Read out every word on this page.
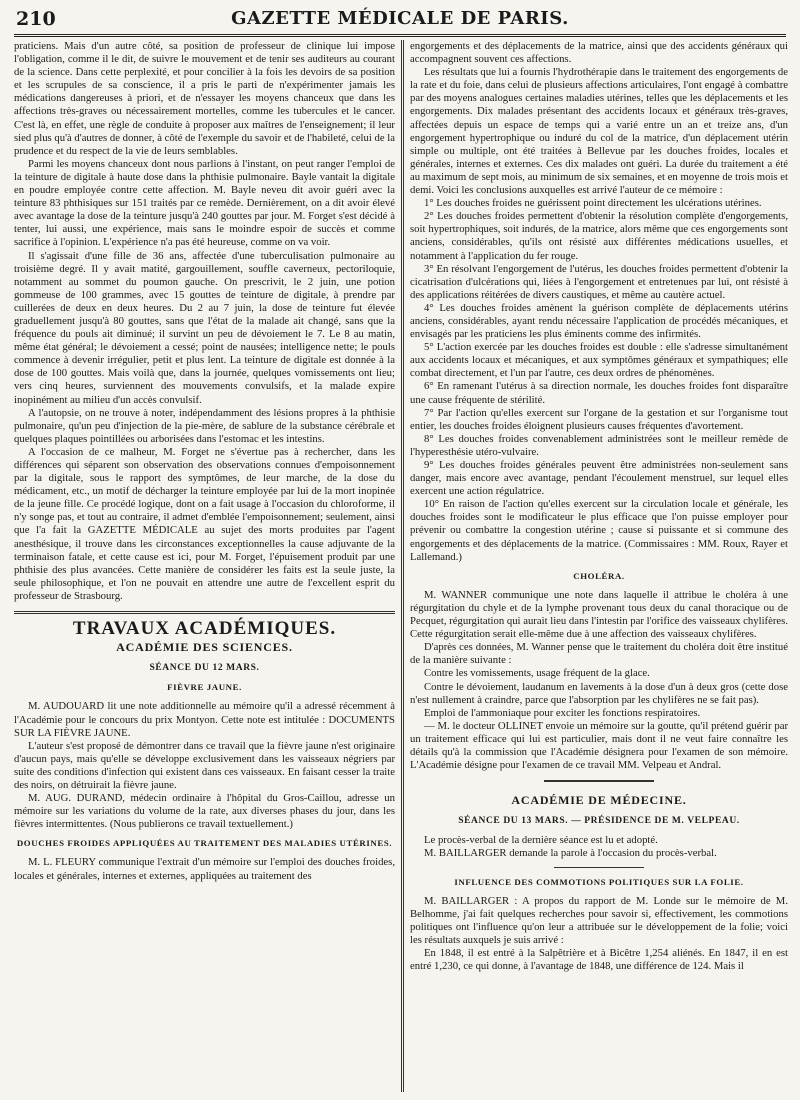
210	GAZETTE MÉDICALE DE PARIS.

praticiens. Mais d'un autre côté, sa position de professeur de clinique lui impose l'obligation, comme il le dit, de suivre le mouvement et de tenir ses auditeurs au courant de la science. Dans cette perplexité, et pour concilier à la fois les devoirs de sa position et les scrupules de sa conscience, il a pris le parti de n'expérimenter jamais les médications dangereuses à priori, et de n'essayer les moyens chanceux que dans les affections très-graves ou nécessairement mortelles, comme les tubercules et le cancer. C'est là, en effet, une règle de conduite à proposer aux maîtres de l'enseignement; il leur sied plus qu'à d'autres de donner, à côté de l'exemple du savoir et de l'habileté, celui de la prudence et du respect de la vie de leurs semblables.

Parmi les moyens chanceux dont nous parlions à l'instant, on peut ranger l'emploi de la teinture de digitale à haute dose dans la phthisie pulmonaire. Bayle vantait la digitale en poudre employée contre cette affection. M. Bayle neveu dit avoir guéri avec la teinture 83 phthisiques sur 151 traités par ce remède. Dernièrement, on a dit avoir élevé avec avantage la dose de la teinture jusqu'à 240 gouttes par jour. M. Forget s'est décidé à tenter, lui aussi, une expérience, mais sans le moindre espoir de succès et comme sacrifice à l'opinion. L'expérience n'a pas été heureuse, comme on va voir.

Il s'agissait d'une fille de 36 ans, affectée d'une tuberculisation pulmonaire au troisième degré. Il y avait matité, gargouillement, souffle caverneux, pectoriloquie, notamment au sommet du poumon gauche. On prescrivit, le 2 juin, une potion gommeuse de 100 grammes, avec 15 gouttes de teinture de digitale, à prendre par cuillerées de deux en deux heures. Du 2 au 7 juin, la dose de teinture fut élevée graduellement jusqu'à 80 gouttes, sans que l'état de la malade ait changé, sans que la fréquence du pouls ait diminué; il survint un peu de dévoiement le 7. Le 8 au matin, même état général; le dévoiement a cessé; point de nausées; intelligence nette; le pouls commence à devenir irrégulier, petit et plus lent. La teinture de digitale est donnée à la dose de 100 gouttes. Mais voilà que, dans la journée, quelques vomissements ont lieu; vers cinq heures, surviennent des mouvements convulsifs, et la malade expire inopinément au milieu d'un accès convulsif.

A l'autopsie, on ne trouve à noter, indépendamment des lésions propres à la phthisie pulmonaire, qu'un peu d'injection de la pie-mère, de sablure de la substance cérébrale et quelques plaques pointillées ou arborisées dans l'estomac et les intestins.

A l'occasion de ce malheur, M. Forget ne s'évertue pas à rechercher, dans les différences qui séparent son observation des observations connues d'empoisonnement par la digitale, sous le rapport des symptômes, de leur marche, de la dose du médicament, etc., un motif de décharger la teinture employée par lui de la mort inopinée de la jeune fille. Ce procédé logique, dont on a fait usage à l'occasion du chloroforme, il n'y songe pas, et tout au contraire, il admet d'emblée l'empoisonnement; seulement, ainsi que l'a fait la GAZETTE MÉDICALE au sujet des morts produites par l'agent anesthésique, il trouve dans les circonstances exceptionnelles la cause adjuvante de la terminaison fatale, et cette cause est ici, pour M. Forget, l'épuisement produit par une phthisie des plus avancées. Cette manière de considérer les faits est la seule juste, la seule philosophique, et l'on ne pouvait en attendre une autre de l'excellent esprit du professeur de Strasbourg.

TRAVAUX ACADÉMIQUES.

ACADÉMIE DES SCIENCES.

SÉANCE DU 12 MARS.

FIÈVRE JAUNE.

M. AUDOUARD lit une note additionnelle au mémoire qu'il a adressé récemment à l'Académie pour le concours du prix Montyon. Cette note est intitulée : DOCUMENTS SUR LA FIÈVRE JAUNE.

L'auteur s'est proposé de démontrer dans ce travail que la fièvre jaune n'est originaire d'aucun pays, mais qu'elle se développe exclusivement dans les vaisseaux négriers par suite des conditions d'infection qui existent dans ces vaisseaux. En faisant cesser la traite des noirs, on détruirait la fièvre jaune.

M. AUG. DURAND, médecin ordinaire à l'hôpital du Gros-Caillou, adresse un mémoire sur les variations du volume de la rate, aux diverses phases du jour, dans les fièvres intermittentes. (Nous publierons ce travail textuellement.)

DOUCHES FROIDES APPLIQUÉES AU TRAITEMENT DES MALADIES UTÉRINES.

M. L. FLEURY communique l'extrait d'un mémoire sur l'emploi des douches froides, locales et générales, internes et externes, appliquées au traitement des

engorgements et des déplacements de la matrice, ainsi que des accidents généraux qui accompagnent souvent ces affections.

Les résultats que lui a fournis l'hydrothérapie dans le traitement des engorgements de la rate et du foie, dans celui de plusieurs affections articulaires, l'ont engagé à combattre par des moyens analogues certaines maladies utérines, telles que les déplacements et les engorgements. Dix malades présentant des accidents locaux et généraux très-graves, affectées depuis un espace de temps qui a varié entre un an et treize ans, d'un engorgement hypertrophique ou induré du col de la matrice, d'un déplacement utérin simple ou multiple, ont été traitées à Bellevue par les douches froides, locales et générales, internes et externes. Ces dix malades ont guéri. La durée du traitement a été au maximum de sept mois, au minimum de six semaines, et en moyenne de trois mois et demi. Voici les conclusions auxquelles est arrivé l'auteur de ce mémoire :

1° Les douches froides ne guérissent point directement les ulcérations utérines.

2° Les douches froides permettent d'obtenir la résolution complète d'engorgements, soit hypertrophiques, soit indurés, de la matrice, alors même que ces engorgements sont anciens, considérables, qu'ils ont résisté aux différentes médications usuelles, et notamment à l'application du fer rouge.

3° En résolvant l'engorgement de l'utérus, les douches froides permettent d'obtenir la cicatrisation d'ulcérations qui, liées à l'engorgement et entretenues par lui, ont résisté à des applications réitérées de divers caustiques, et même au cautère actuel.

4° Les douches froides amènent la guérison complète de déplacements utérins anciens, considérables, ayant rendu nécessaire l'application de procédés mécaniques, et envisagés par les praticiens les plus éminents comme des infirmités.

5° L'action exercée par les douches froides est double : elle s'adresse simultanément aux accidents locaux et mécaniques, et aux symptômes généraux et sympathiques; elle combat directement, et l'un par l'autre, ces deux ordres de phénomènes.

6° En ramenant l'utérus à sa direction normale, les douches froides font disparaître une cause fréquente de stérilité.

7° Par l'action qu'elles exercent sur l'organe de la gestation et sur l'organisme tout entier, les douches froides éloignent plusieurs causes fréquentes d'avortement.

8° Les douches froides convenablement administrées sont le meilleur remède de l'hyperesthésie utéro-vulvaire.

9° Les douches froides générales peuvent être administrées non-seulement sans danger, mais encore avec avantage, pendant l'écoulement menstruel, sur lequel elles exercent une action régulatrice.

10° En raison de l'action qu'elles exercent sur la circulation locale et générale, les douches froides sont le modificateur le plus efficace que l'on puisse employer pour prévenir ou combattre la congestion utérine ; cause si puissante et si commune des engorgements et des déplacements de la matrice. (Commissaires : MM. Roux, Rayer et Lallemand.)

CHOLÉRA.

M. WANNER communique une note dans laquelle il attribue le choléra à une régurgitation du chyle et de la lymphe provenant tous deux du canal thoracique ou de Pecquet, régurgitation qui aurait lieu dans l'intestin par l'orifice des vaisseaux chylifères. Cette régurgitation serait elle-même due à une affection des vaisseaux chylifères.

D'après ces données, M. Wanner pense que le traitement du choléra doit être institué de la manière suivante :

Contre les vomissements, usage fréquent de la glace.

Contre le dévoiement, laudanum en lavements à la dose d'un à deux gros (cette dose n'est nullement à craindre, parce que l'absorption par les chylifères ne se fait pas).

Emploi de l'ammoniaque pour exciter les fonctions respiratoires.

— M. le docteur OLLINET envoie un mémoire sur la goutte, qu'il prétend guérir par un traitement efficace qui lui est particulier, mais dont il ne veut faire connaître les détails qu'à la commission que l'Académie désignera pour l'examen de son mémoire. L'Académie désigne pour l'examen de ce travail MM. Velpeau et Andral.

ACADÉMIE DE MÉDECINE.

SÉANCE DU 13 MARS. — PRÉSIDENCE DE M. VELPEAU.

Le procès-verbal de la dernière séance est lu et adopté.

M. BAILLARGER demande la parole à l'occasion du procès-verbal.

INFLUENCE DES COMMOTIONS POLITIQUES SUR LA FOLIE.

M. BAILLARGER : A propos du rapport de M. Londe sur le mémoire de M. Belhomme, j'ai fait quelques recherches pour savoir si, effectivement, les commotions politiques ont l'influence qu'on leur a attribuée sur le développement de la folie; voici les résultats auxquels je suis arrivé :

En 1848, il est entré à la Salpêtrière et à Bicêtre 1,254 aliénés. En 1847, il en est entré 1,230, ce qui donne, à l'avantage de 1848, une différence de 124. Mais il
